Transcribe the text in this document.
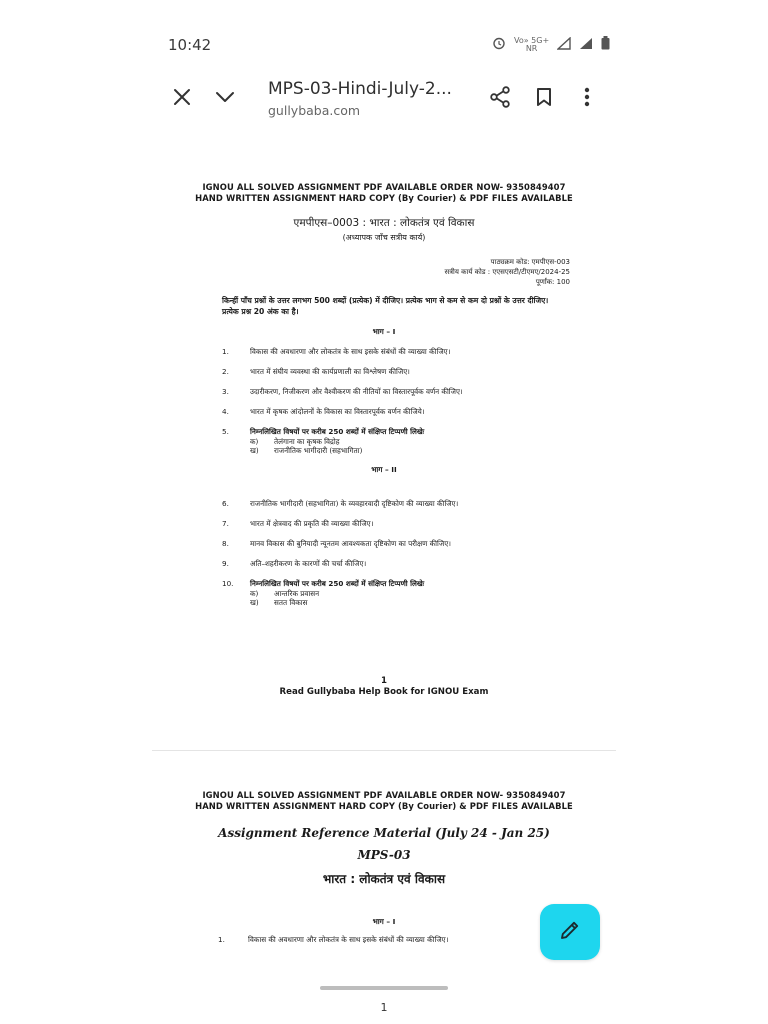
10:42	Vo» 5G+
NR
MPS-03-Hindi-July-2...
gullybaba.com
IGNOU ALL SOLVED ASSIGNMENT PDF AVAILABLE ORDER NOW- 9350849407
HAND WRITTEN ASSIGNMENT HARD COPY (By Courier) & PDF FILES AVAILABLE
एमपीएस–0003 : भारत : लोकतंत्र एवं विकास
(अध्यापक जाँच सत्रीय कार्य)
पाठ्यक्रम कोड: एमपीएस-003
सत्रीय कार्य कोड : एएसएसटी/टीएमए/2024-25
पूर्णांक: 100
किन्हीं पाँच प्रश्नों के उत्तर लगभग 500 शब्दों (प्रत्येक) में दीजिए। प्रत्येक भाग से कम से कम दो प्रश्नों के उत्तर दीजिए। प्रत्येक प्रश्न 20 अंक का है।
भाग – I
1.	विकास की अवधारणा और लोकतंत्र के साथ इसके संबंधों की व्याख्या कीजिए।
2.	भारत में संघीय व्यवस्था की कार्यप्रणाली का विश्लेषण कीजिए।
3.	उदारीकरण, निजीकरण और वैश्वीकरण की नीतियों का विस्तारपूर्वक वर्णन कीजिए।
4.	भारत में कृषक आंदोलनों के विकास का विस्तारपूर्वक वर्णन कीजिये।
5.	निम्नलिखित विषयों पर करीब 250 शब्दों में संक्षिप्त टिप्पणी लिखेः
क) तेलंगाना का कृषक विद्रोह
ख) राजनीतिक भागीदारी (सहभागिता)
भाग – II
6.	राजनीतिक भागीदारी (सहभागिता) के व्यवहारवादी दृष्टिकोण की व्याख्या कीजिए।
7.	भारत में क्षेत्रवाद की प्रकृति की व्याख्या कीजिए।
8.	मानव विकास की बुनियादी न्यूनतम आवश्यकता दृष्टिकोण का परीक्षण कीजिए।
9.	अति–शहरीकरण के कारणों की चर्चा कीजिए।
10. निम्नलिखित विषयों पर करीब 250 शब्दों में संक्षिप्त टिप्पणी लिखेः
क) आन्तरिक प्रवासन
ख) सतत विकास
1
Read Gullybaba Help Book for IGNOU Exam
IGNOU ALL SOLVED ASSIGNMENT PDF AVAILABLE ORDER NOW- 9350849407
HAND WRITTEN ASSIGNMENT HARD COPY (By Courier) & PDF FILES AVAILABLE
Assignment Reference Material (July 24 - Jan 25)
MPS-03
भारत : लोकतंत्र एवं विकास
भाग – I
1.	विकास की अवधारणा और लोकतंत्र के साथ इसके संबंधों की व्याख्या कीजिए।
1
